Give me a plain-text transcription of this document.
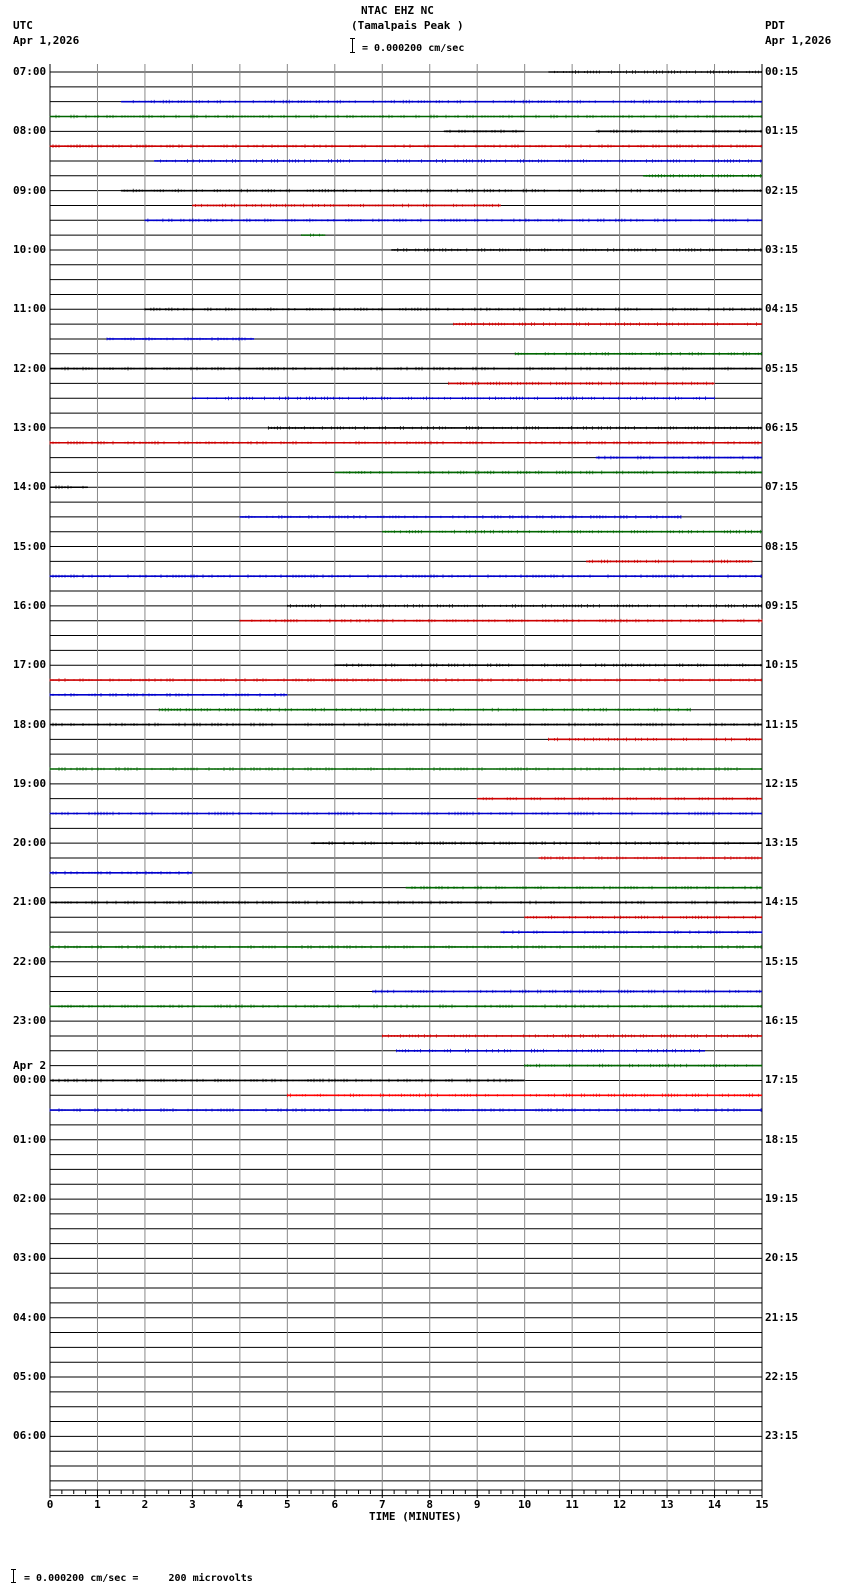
NTAC EHZ NC
(Tamalpais Peak )
= 0.000200 cm/sec
UTC
Apr 1,2026
PDT
Apr 1,2026
07:00
08:00
09:00
10:00
11:00
12:00
13:00
14:00
15:00
16:00
17:00
18:00
19:00
20:00
21:00
22:00
23:00
00:00
01:00
02:00
03:00
04:00
05:00
06:00
Apr 2
00:15
01:15
02:15
03:15
04:15
05:15
06:15
07:15
08:15
09:15
10:15
11:15
12:15
13:15
14:15
15:15
16:15
17:15
18:15
19:15
20:15
21:15
22:15
23:15
0	1	2	3	4	5	6	7	8	9	10	11	12	13	14	15
TIME (MINUTES)
= 0.000200 cm/sec =     200 microvolts
